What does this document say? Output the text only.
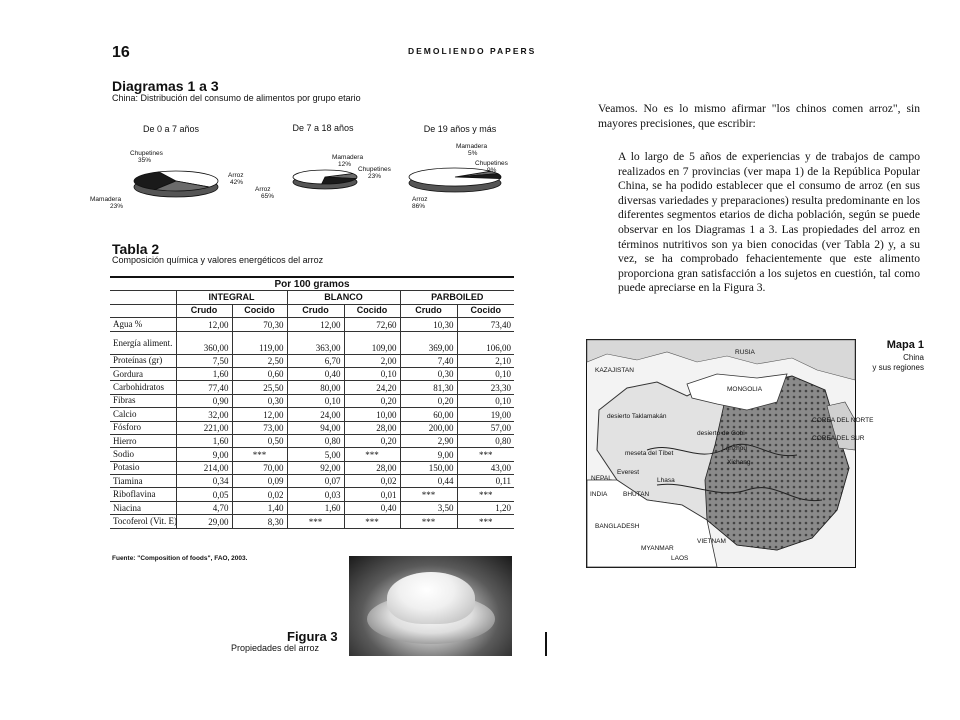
16	DEMOLIENDO PAPERS
Diagramas 1 a 3
China: Distribución del consumo de alimentos por grupo etario
De 0 a 7 años	De 7 a 18 años	De 19 años y más
Chupetines
35%
Arroz
42%
Mamadera
23%
Mamadera
12%
Chupetines
23%
Arroz
65%
Mamadera
5%
Chupetines
9%
Arroz
86%
Tabla 2
Composición química y valores energéticos del arroz
Por 100 gramos						
	INTEGRAL		BLANCO		PARBOILED	
	Crudo	Cocido	Crudo	Cocido	Crudo	Cocido
Agua %	12,00	70,30	12,00	72,60	10,30	73,40
Energía aliment.	360,00	119,00	363,00	109,00	369,00	106,00
Proteínas (gr)	7,50	2,50	6,70	2,00	7,40	2,10
Gordura	1,60	0,60	0,40	0,10	0,30	0,10
Carbohidratos	77,40	25,50	80,00	24,20	81,30	23,30
Fibras	0,90	0,30	0,10	0,20	0,20	0,10
Calcio	32,00	12,00	24,00	10,00	60,00	19,00
Fósforo	221,00	73,00	94,00	28,00	200,00	57,00
Hierro	1,60	0,50	0,80	0,20	2,90	0,80
Sodio	9,00	***	5,00	***	9,00	***
Potasio	214,00	70,00	92,00	28,00	150,00	43,00
Tiamina	0,34	0,09	0,07	0,02	0,44	0,11
Riboflavina	0,05	0,02	0,03	0,01	***	***
Niacina	4,70	1,40	1,60	0,40	3,50	1,20
Tocoferol (Vit. E)	29,00	8,30	***	***	***	***
Fuente: "Composition of foods", FAO, 2003.
Figura 3
Propiedades del arroz
Veamos. No es lo mismo afirmar "los chinos comen arroz", sin mayores precisiones, que escribir:
A lo largo de 5 años de experiencias y de trabajos de campo realizados en 7 provincias (ver mapa 1) de la República Popular China, se ha podido establecer que el consumo de arroz (en sus diversas variedades y preparaciones) resulta predominante en los diferentes segmentos etarios de dicha población, según se puede observar en los Diagramas 1 a 3. Las propiedades del arroz en términos nutritivos son ya bien conocidas (ver Tabla 2) y, a su vez, se ha comprobado fehacientemente que este alimento proporciona gran satisfacción a los sujetos en cuestión, tal como puede apreciarse en la Figura 3.
RUSIA
KAZAJISTAN
MONGOLIA
desierto Taklamakán
desierto de Gobi
meseta del Tíbet
NEPAL
INDIA BHUTAN
BANGLADESH
MYANMAR
VIETNAM
LAOS
Everest
Lhasa
COREA DEL NORTE
COREA DEL SUR
Lanzhou
Xichang
Mapa 1
China
y sus regiones
